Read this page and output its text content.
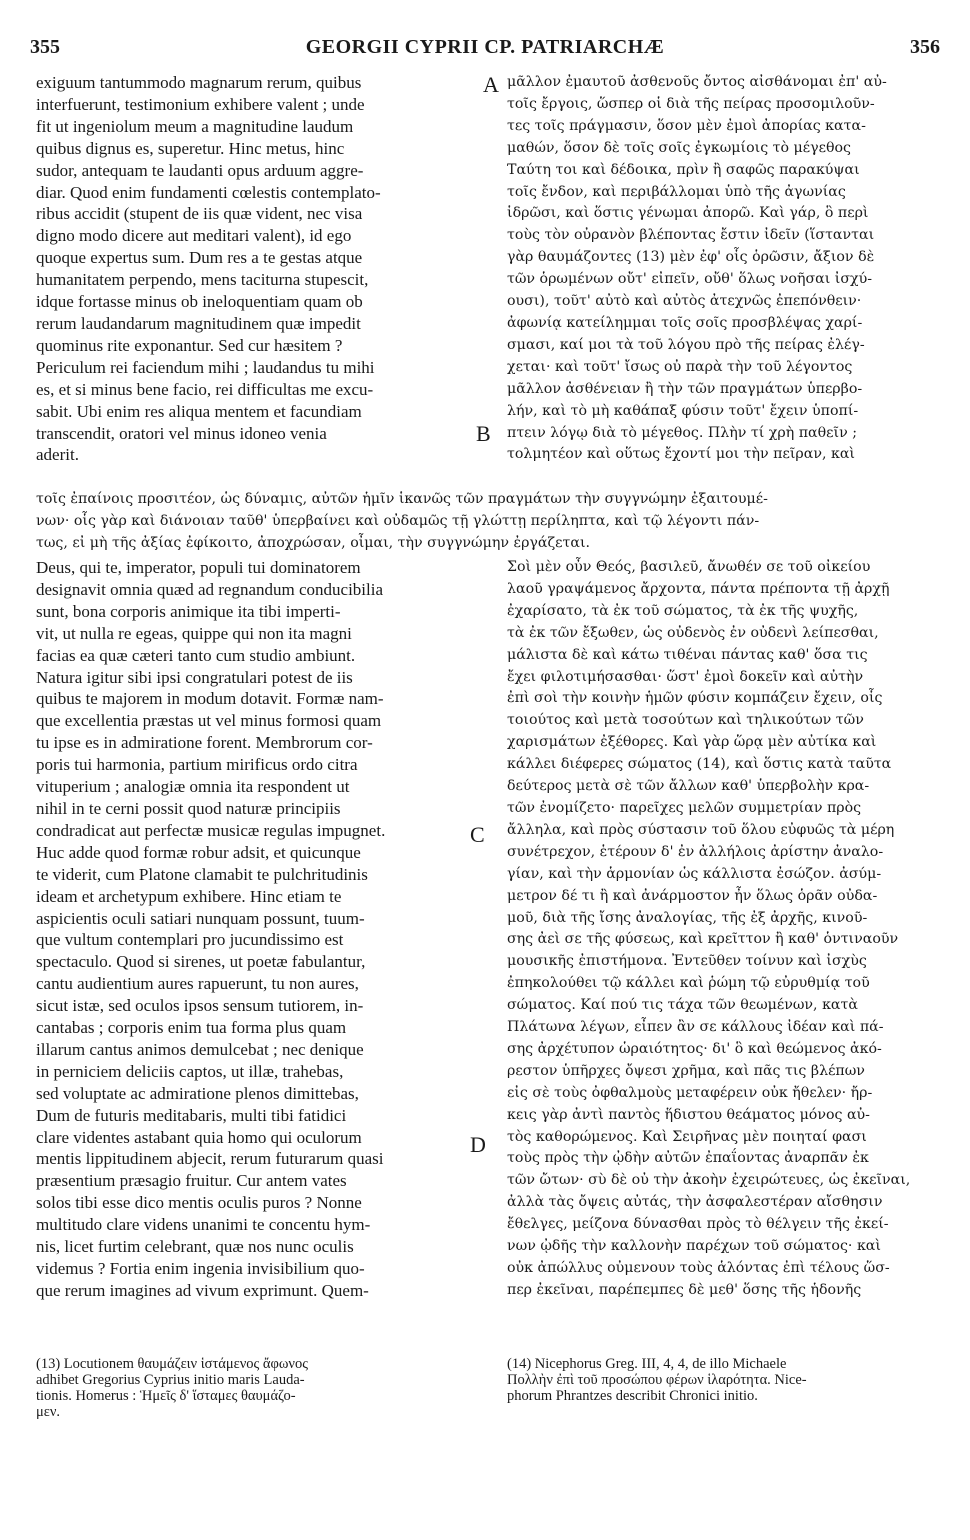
355	GEORGII CYPRII CP. PATRIARCHÆ	356
A
B
C
D

exiguum tantummodo magnarum rerum, quibus

interfuerunt, testimonium exhibere valent ; unde

fit ut ingeniolum meum a magnitudine laudum

quibus dignus es, superetur. Hinc metus, hinc

sudor, antequam te laudanti opus arduum aggre-

diar. Quod enim fundamenti cœlestis contemplato-

ribus accidit (stupent de iis quæ vident, nec visa

digno modo dicere aut meditari valent), id ego

quoque expertus sum. Dum res a te gestas atque

humanitatem perpendo, mens taciturna stupescit,

idque fortasse minus ob ineloquentiam quam ob

rerum laudandarum magnitudinem quæ impedit

quominus rite exponantur. Sed cur hæsitem ?

Periculum rei faciendum mihi ; laudandus tu mihi

es, et si minus bene facio, rei difficultas me excu-

sabit. Ubi enim res aliqua mentem et facundiam

transcendit, oratori vel minus idoneo venia

aderit.

μᾶλλον ἐμαυτοῦ ἀσθενοῦς ὄντος αἰσθάνομαι ἐπ' αὐ-

τοῖς ἔργοις, ὥσπερ οἱ διὰ τῆς πείρας προσομιλοῦν-

τες τοῖς πράγμασιν, ὅσον μὲν ἐμοὶ ἀπορίας κατα-

μαθών, ὅσον δὲ τοῖς σοῖς ἐγκωμίοις τὸ μέγεθος

Ταύτη τοι καὶ δέδοικα, πρὶν ἢ σαφῶς παρακύψαι

τοῖς ἔνδον, καὶ περιβάλλομαι ὑπὸ τῆς ἀγωνίας

ἱδρῶσι, καὶ ὅστις γένωμαι ἀπορῶ. Καὶ γάρ, ὃ περὶ

τοὺς τὸν οὐρανὸν βλέποντας ἔστιν ἰδεῖν (ἵστανται

γὰρ θαυμάζοντες (13) μὲν ἐφ' οἷς ὁρῶσιν, ἄξιον δὲ

τῶν ὁρωμένων οὔτ' εἰπεῖν, οὔθ' ὅλως νοῆσαι ἰσχύ-

ουσι), τοῦτ' αὐτὸ καὶ αὐτὸς ἀτεχνῶς ἐπεπόνθειν·

ἀφωνίᾳ κατείλημμαι τοῖς σοῖς προσβλέψας χαρί-

σμασι, καί μοι τὰ τοῦ λόγου πρὸ τῆς πείρας ἐλέγ-

χεται· καὶ τοῦτ' ἴσως οὐ παρὰ τὴν τοῦ λέγοντος

μᾶλλον ἀσθένειαν ἢ τὴν τῶν πραγμάτων ὑπερβο-

λήν, καὶ τὸ μὴ καθάπαξ φύσιν τοῦτ' ἔχειν ὑποπί-

πτειν λόγῳ διὰ τὸ μέγεθος. Πλὴν τί χρὴ παθεῖν ;

τολμητέον καὶ οὕτως ἔχοντί μοι τὴν πεῖραν, καὶ

τοῖς ἐπαίνοις προσιτέον, ὡς δύναμις, αὐτῶν ἡμῖν ἱκανῶς τῶν πραγμάτων τὴν συγγνώμην ἐξαιτουμέ-

νων· οἷς γὰρ καὶ διάνοιαν ταῦθ' ὑπερβαίνει καὶ οὐδαμῶς τῇ γλώττῃ περίληπτα, καὶ τῷ λέγοντι πάν-

τως, εἰ μὴ τῆς ἀξίας ἐφίκοιτο, ἀποχρώσαν, οἶμαι, τὴν συγγνώμην ἐργάζεται.

Deus, qui te, imperator, populi tui dominatorem

designavit omnia quæd ad regnandum conducibilia

sunt, bona corporis animique ita tibi imperti-

vit, ut nulla re egeas, quippe qui non ita magni

facias ea quæ cæteri tanto cum studio ambiunt.

Natura igitur sibi ipsi congratulari potest de iis

quibus te majorem in modum dotavit. Formæ nam-

que excellentia præstas ut vel minus formosi quam

tu ipse es in admiratione forent. Membrorum cor-

poris tui harmonia, partium mirificus ordo citra

vituperium ; analogiæ omnia ita respondent ut

nihil in te cerni possit quod naturæ principiis

condradicat aut perfectæ musicæ regulas impugnet.

Huc adde quod formæ robur adsit, et quicunque

te viderit, cum Platone clamabit te pulchritudinis

ideam et archetypum exhibere. Hinc etiam te

aspicientis oculi satiari nunquam possunt, tuum-

que vultum contemplari pro jucundissimo est

spectaculo. Quod si sirenes, ut poetæ fabulantur,

cantu audientium aures rapuerunt, tu non aures,

sicut istæ, sed oculos ipsos sensum tutiorem, in-

cantabas ; corporis enim tua forma plus quam

illarum cantus animos demulcebat ; nec denique

in perniciem deliciis captos, ut illæ, trahebas,

sed voluptate ac admiratione plenos dimittebas,

Dum de futuris meditabaris, multi tibi fatidici

clare videntes astabant quia homo qui oculorum

mentis lippitudinem abjecit, rerum futurarum quasi

præsentium præsagio fruitur. Cur antem vates

solos tibi esse dico mentis oculis puros ? Nonne

multitudo clare videns unanimi te concentu hym-

nis, licet furtim celebrant, quæ nos nunc oculis

videmus ? Fortia enim ingenia invisibilium quo-

que rerum imagines ad vivum exprimunt. Quem-

Σοὶ μὲν οὖν Θεός, βασιλεῦ, ἄνωθέν σε τοῦ οἰκείου

λαοῦ γραψάμενος ἄρχοντα, πάντα πρέποντα τῇ ἀρχῇ

ἐχαρίσατο, τὰ ἐκ τοῦ σώματος, τὰ ἐκ τῆς ψυχῆς,

τὰ ἐκ τῶν ἔξωθεν, ὡς οὐδενὸς ἐν οὐδενὶ λείπεσθαι,

μάλιστα δὲ καὶ κάτω τιθέναι πάντας καθ' ὅσα τις

ἔχει φιλοτιμήσασθαι· ὥστ' ἐμοὶ δοκεῖν καὶ αὐτὴν

ἐπὶ σοὶ τὴν κοινὴν ἡμῶν φύσιν κομπάζειν ἔχειν, οἷς

τοιούτος καὶ μετὰ τοσούτων καὶ τηλικούτων τῶν

χαρισμάτων ἐξέθορες. Καὶ γὰρ ὥρᾳ μὲν αὐτίκα καὶ

κάλλει διέφερες σώματος (14), καὶ ὅστις κατὰ ταῦτα

δεύτερος μετὰ σὲ τῶν ἄλλων καθ' ὑπερβολὴν κρα-

τῶν ἐνομίζετο· παρεῖχες μελῶν συμμετρίαν πρὸς

ἄλληλα, καὶ πρὸς σύστασιν τοῦ ὅλου εὐφυῶς τὰ μέρη

συνέτρεχον, ἑτέρουν δ' ἐν ἀλλήλοις ἀρίστην ἀναλο-

γίαν, καὶ τὴν ἁρμονίαν ὡς κάλλιστα ἐσώζον. ἀσύμ-

μετρον δέ τι ἢ καὶ ἀνάρμοστον ἦν ὅλως ὁρᾶν οὐδα-

μοῦ, διὰ τῆς ἴσης ἀναλογίας, τῆς ἐξ ἀρχῆς, κινοῦ-

σης ἀεὶ σε τῆς φύσεως, καὶ κρεῖττον ἢ καθ' ὁντιναοῦν

μουσικῆς ἐπιστήμονα. Ἐντεῦθεν τοίνυν καὶ ἰσχὺς

ἐπηκολούθει τῷ κάλλει καὶ ῥώμη τῷ εὐρυθμίᾳ τοῦ

σώματος. Καί πού τις τάχα τῶν θεωμένων, κατὰ

Πλάτωνα λέγων, εἶπεν ἂν σε κάλλους ἰδέαν καὶ πά-

σης ἀρχέτυπον ὡραιότητος· δι' ὃ καὶ θεώμενος ἀκό-

ρεστον ὑπῆρχες ὄψεσι χρῆμα, καὶ πᾶς τις βλέπων

εἰς σὲ τοὺς ὀφθαλμοὺς μεταφέρειν οὐκ ἤθελεν· ἤρ-

κεις γὰρ ἀντὶ παντὸς ἥδιστου θεάματος μόνος αὐ-

τὸς καθορώμενος. Καὶ Σειρῆνας μὲν ποιηταί φασι

τοὺς πρὸς τὴν ᾠδὴν αὐτῶν ἐπαΐοντας ἀναρπᾶν ἐκ

τῶν ὤτων· σὺ δὲ οὐ τὴν ἀκοὴν ἐχειρώτευες, ὡς ἐκεῖναι,

ἀλλὰ τὰς ὄψεις αὐτάς, τὴν ἀσφαλεστέραν αἴσθησιν

ἔθελγες, μείζονα δύνασθαι πρὸς τὸ θέλγειν τῆς ἐκεί-

νων ᾠδῆς τὴν καλλονὴν παρέχων τοῦ σώματος· καὶ

οὐκ ἀπώλλυς οὐμενουν τοὺς ἁλόντας ἐπὶ τέλους ὥσ-

περ ἐκεῖναι, παρέπεμπες δὲ μεθ' ὅσης τῆς ἡδονῆς

(13) Locutionem θαυμάζειν ἱστάμενος ἄφωνος

adhibet Gregorius Cyprius initio maris Lauda-

tionis. Homerus : Ἡμεῖς δ' ἵσταμες θαυμάζο-

μεν.

(14) Nicephorus Greg. III, 4, 4, de illo Michaele

Πολλὴν ἐπὶ τοῦ προσώπου φέρων ἱλαρότητα. Nice-

phorum Phrantzes describit Chronici initio.
